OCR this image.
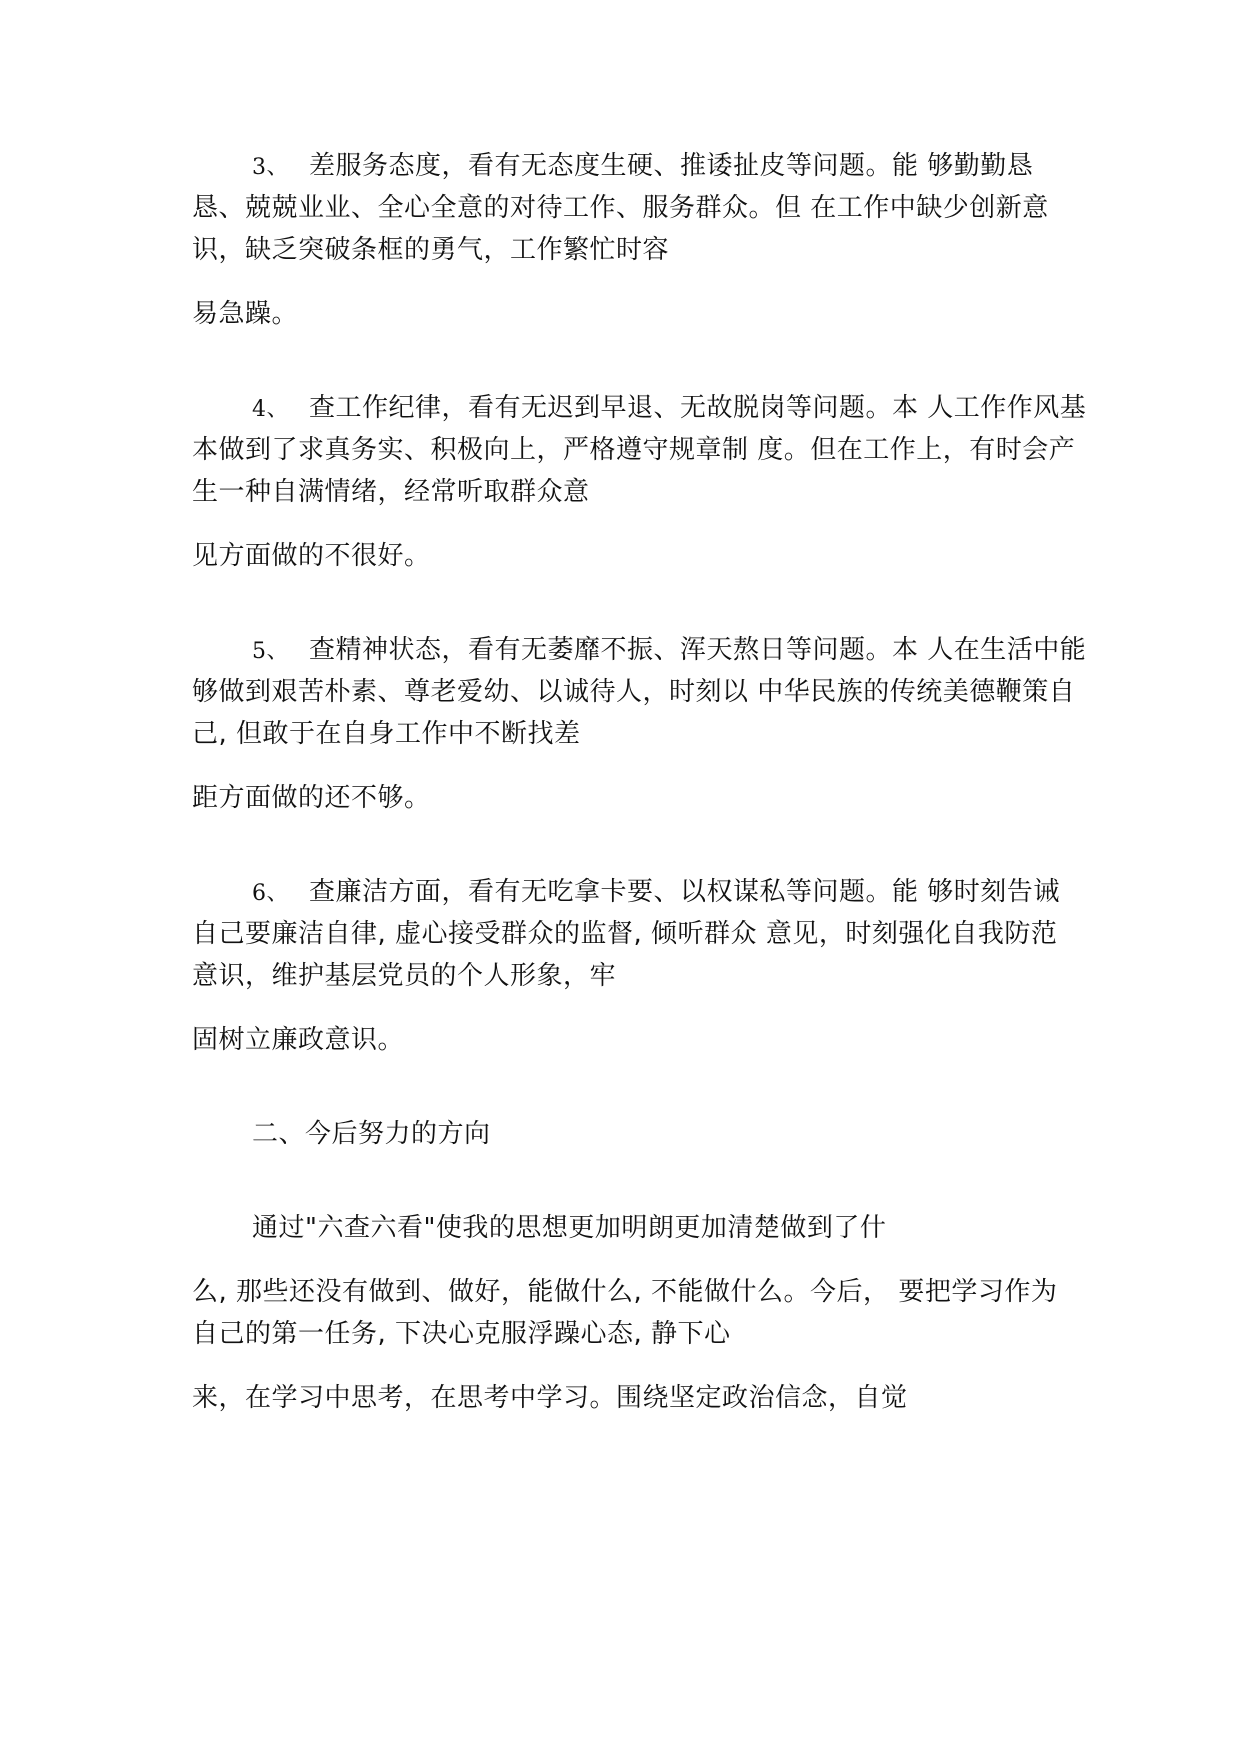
3、 差服务态度，看有无态度生硬、推诿扯皮等问题。能 够勤勤恳
恳、兢兢业业、全心全意的对待工作、服务群众。但 在工作中缺少创新意
识，缺乏突破条框的勇气，工作繁忙时容
易急躁。
4、 查工作纪律，看有无迟到早退、无故脱岗等问题。本 人工作作风基
本做到了求真务实、积极向上，严格遵守规章制 度。但在工作上，有时会产
生一种自满情绪，经常听取群众意
见方面做的不很好。
5、 查精神状态，看有无萎靡不振、浑天熬日等问题。本 人在生活中能
够做到艰苦朴素、尊老爱幼、以诚待人，时刻以 中华民族的传统美德鞭策自
己, 但敢于在自身工作中不断找差
距方面做的还不够。
6、 查廉洁方面，看有无吃拿卡要、以权谋私等问题。能 够时刻告诫
自己要廉洁自律, 虚心接受群众的监督, 倾听群众 意见，时刻强化自我防范
意识，维护基层党员的个人形象，牢
固树立廉政意识。
二、今后努力的方向
通过"六查六看"使我的思想更加明朗更加清楚做到了什
么, 那些还没有做到、做好，能做什么, 不能做什么。今后， 要把学习作为
自己的第一任务, 下决心克服浮躁心态, 静下心
来，在学习中思考，在思考中学习。围绕坚定政治信念，自觉
